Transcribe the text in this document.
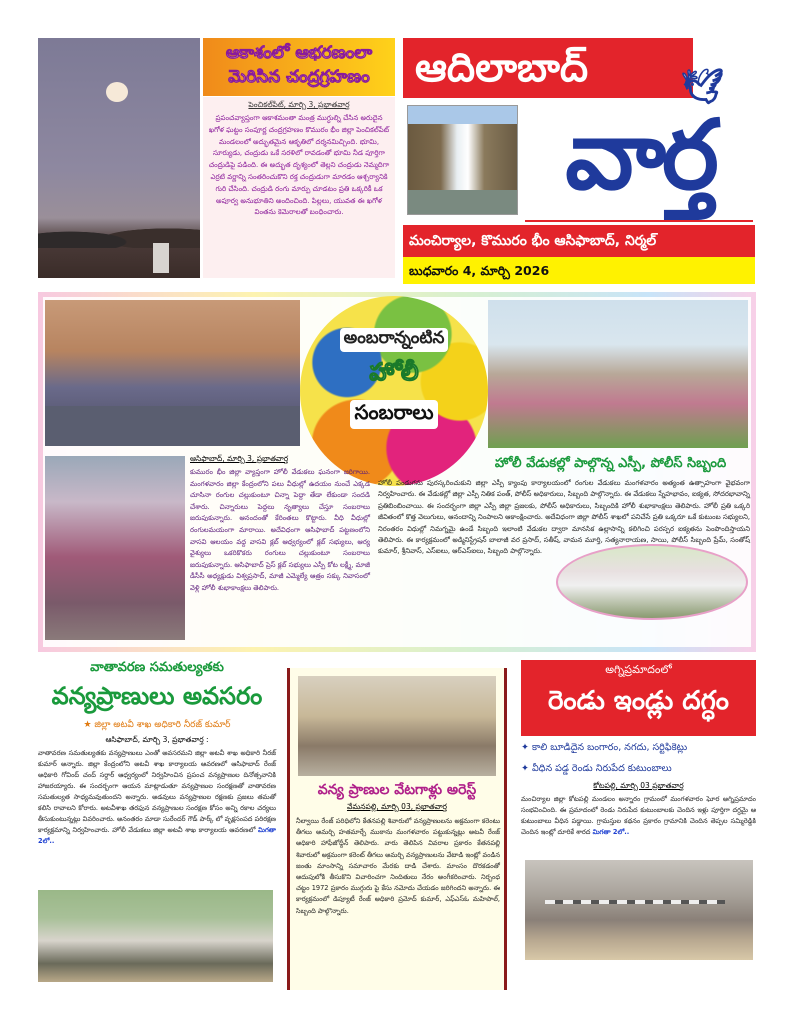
ఆకాశంలో ఆభరణంలా
మెరిసిన చంద్రగ్రహణం
పెంచికల్‌పేట్, మార్చి 3, ప్రభాతవార్త
ప్రపంచవ్యాప్తంగా ఆకాశమంతా మంత్ర ముగ్ధుల్ని చేసిన అరుదైన ఖగోళ ఘట్టం సంపూర్ణ చంద్రగ్రహణం కొమురం భీం జిల్లా పెంచికల్‌పేట్ మండలంలో అద్భుతమైన ఆకృతిలో దర్శనమిచ్చింది. భూమి, సూర్యుడు, చంద్రుడు ఒకే సరళిలో రావడంతో భూమి నీడ పూర్తిగా చంద్రుడిపై పడింది. ఈ అద్భుత దృశ్యంలో తెల్లని చంద్రుడు నెమ్మదిగా ఎర్రటి వర్ణాన్ని సంతరించుకొని రక్త చంద్రుడుగా మారడం ఆశ్చర్యానికి గురి చేసింది. చంద్రుడి రంగు మార్పు చూడటం ప్రతి ఒక్కరికీ ఒక అపూర్వ అనుభూతిని అందించింది. పిల్లలు, యువత ఈ ఖగోళ వింతను కెమెరాలతో బంధించారు.
ఆదిలాబాద్	🕊
వార్త
మంచిర్యాల, కొమురం భీం ఆసిఫాబాద్, నిర్మల్
బుధవారం 4, మార్చి 2026
అంబరాన్నంటిన
హోలీ
సంబరాలు
ఆసిఫాబాద్, మార్చి 3, ప్రభాతవార్త
కుమురం భీం జిల్లా వ్యాప్తంగా హోలీ వేడుకలు ఘనంగా జరిగాయి. మంగళవారం జిల్లా కేంద్రంలోని పలు వీధుల్లో ఉదయం నుంచే ఎక్కడ చూసినా రంగుల చల్లుకుంటూ చిన్నా పెద్దా తేడా లేకుండా సందడి చేశారు. చిన్నారులు పెద్దలు నృత్యాలు చేస్తూ సంబరాలు జరుపుకున్నారు. ఆనందంతో కేరింతలు కొట్టారు. వీధి వీధుల్లో రంగులమయంగా మారాయి. అదేవిధంగా ఆసిఫాబాద్ పట్టణంలోని వాసవి ఆలయం వద్ద వాసవి క్లబ్ ఆధ్వర్యంలో క్లబ్ సభ్యులు, ఆర్య వైశ్యులు ఒకరికొకరు రంగులు చల్లుకుంటూ సంబరాలు జరుపుకున్నారు. ఆసిఫాబాద్ ప్రెస్ క్లబ్ సభ్యులు ఎస్పీ కోట లక్ష్మీ, మాజీ డీసీసీ అధ్యక్షుడు విశ్వప్రసాద్, మాజీ ఎమ్మెల్యే ఆత్రం సక్కు నివాసంలో వెళ్లి హోలీ శుభాకాంక్షలు తెలిపారు.
హోలీ వేడుకల్లో పాల్గొన్న ఎస్పీ, పోలీస్ సిబ్బంది
హోలీ పండుగను పురస్కరించుకుని జిల్లా ఎస్పీ క్యాంపు కార్యాలయంలో రంగుల వేడుకలు మంగళవారం అత్యంత ఉత్సాహంగా వైభవంగా నిర్వహించారు. ఈ వేడుకల్లో జిల్లా ఎస్పీ నితిక పంత్, పోలీస్ అధికారులు, సిబ్బంది పాల్గొన్నారు. ఈ వేడుకలు స్నేహభావం, ఐక్యత, సోదరభావాన్ని ప్రతిబింబించాయి. ఈ సందర్భంగా జిల్లా ఎస్పీ జిల్లా ప్రజలకు, పోలీస్ అధికారులు, సిబ్బందికి హోలీ శుభాకాంక్షలు తెలిపారు. హోలీ ప్రతి ఒక్కరి జీవితంలో కొత్త వెలుగులు, ఆనందాన్ని నింపాలని ఆకాంక్షించారు. అదేవిధంగా జిల్లా పోలీస్ శాఖలో పనిచేసే ప్రతి ఒక్కరూ ఒకే కుటుంబ సభ్యులని, నిరంతరం విధుల్లో నిమగ్నమై ఉండే సిబ్బంది ఇలాంటి వేడుకల ద్వారా మానసిక ఉల్లాసాన్ని కలిగించి పరస్పర ఐక్యతను పెంపొందిస్తాయని తెలిపారు. ఈ కార్యక్రమంలో అడ్మినిస్ట్రేషన్ బాలాజీ వర ప్రసాద్, సతీష్, వామన మూర్తి, సత్యనారాయణ, సాయి, పోలీస్ సిబ్బంది ప్రేమ్, సంతోష్ కుమార్, శ్రీనివాస్, ఎస్ఐలు, ఆర్ఎస్ఐలు, సిబ్బంది పాల్గొన్నారు.
వాతావరణ సమతుల్యతకు
వన్యప్రాణులు అవసరం
★ జిల్లా అటవీ శాఖ అధికారి నీరజ్ కుమార్
ఆసిఫాబాద్, మార్చి 3, ప్రభాతవార్త :
వాతావరణ సమతుల్యతకు వన్యప్రాణులు ఎంతో అవసరమని జిల్లా అటవీ శాఖ అధికారి నీరజ్ కుమార్ అన్నారు. జిల్లా కేంద్రంలోని అటవీ శాఖ కార్యాలయ ఆవరణలో ఆసిఫాబాద్ రేంజ్ అధికారి గోవింద్ చంద్ సర్దార్ ఆధ్వర్యంలో నిర్వహించిన ప్రపంచ వన్యప్రాణుల దినోత్సవానికి హాజరయ్యారు. ఈ సందర్భంగా ఆయన మాట్లాడుతూ వన్యప్రాణుల సంరక్షణతో వాతావరణ సమతుల్యత సాధ్యమవుతుందని అన్నారు. అడవులు వన్యప్రాణుల రక్షణకు ప్రజలు తమతో కలిసి రావాలని కోరారు. అటవీశాఖ తరఫున వన్యప్రాణుల సంరక్షణ కోసం అన్ని రకాల చర్యలు తీసుకుంటున్నట్లు వివరించారు. అనంతరం మాడా సురేందర్ గౌడ్ పార్క్ లో వృక్షసంపద పరిరక్షణ కార్యక్రమాన్ని నిర్వహించారు. హోలీ వేడుకలు జిల్లా అటవీ శాఖ కార్యాలయ ఆవరణలో మిగతా 2లో..
వన్య ప్రాణుల వేటగాళ్లు అరెస్ట్
వేమనపల్లి, మార్చి 03, ప్రభాతవార్త
నీల్వాయి రేంజ్ పరిధిలోని కేతనపల్లి శివారులో వన్యప్రాణులను అక్రమంగా కరెంటు తీగలు అమర్చి హతమార్చే ముఠాను మంగళవారం పట్టుకున్నట్లు అటవీ రేంజ్ అధికారి హాఫీజోద్దీన్ తెలిపారు. వారు తెలిపిన వివరాల ప్రకారం కేతనపల్లి శివారులో అక్రమంగా కరెంట్ తీగలు అమర్చి వన్యప్రాణులను వేటాడి ఇంట్లో వండిన జంతు మాంసాన్ని సమాచారం మేరకు దాడి చేశారు. మాంసం దొరకడంతో అదుపులోకి తీసుకొని విచారించగా నిందితులు నేరం అంగీకరించారు. నిర్బంధ చట్టం 1972 ప్రకారం ముగ్గురు పై కేసు నమోదు చేయడం జరిగిందని అన్నారు. ఈ కార్యక్రమంలో డిప్యూటీ రేంజ్ అధికారి ప్రమోద్ కుమార్, ఎఫ్‌ఎస్‌ఓ మహిపాల్, సిబ్బంది పాల్గొన్నారు.
అగ్నిప్రమాదంలో
రెండు ఇండ్లు దగ్ధం
✦ కాలి బూడిదైన బంగారం, నగదు, సర్టిఫికెట్లు
✦ వీధిన పడ్డ రెండు నిరుపేద కుటుంబాలు
కోటపల్లి, మార్చి 03 ప్రభాతవార్త
మంచిర్యాల జిల్లా కోటపల్లి మండలం అన్నారం గ్రామంలో మంగళవారం ఘోర అగ్నిప్రమాదం సంభవించింది. ఈ ప్రమాదంలో రెండు నిరుపేద కుటుంబాలకు చెందిన ఇళ్లు పూర్తిగా దగ్ధమై ఆ కుటుంబాలు వీధిన పడ్డాయి. గ్రామస్తుల కథనం ప్రకారం గ్రామానికి చెందిన తెప్పల సమ్మిరెడ్డికి చెందిన ఇంట్లో దూరికే శారద మిగతా 2లో..
